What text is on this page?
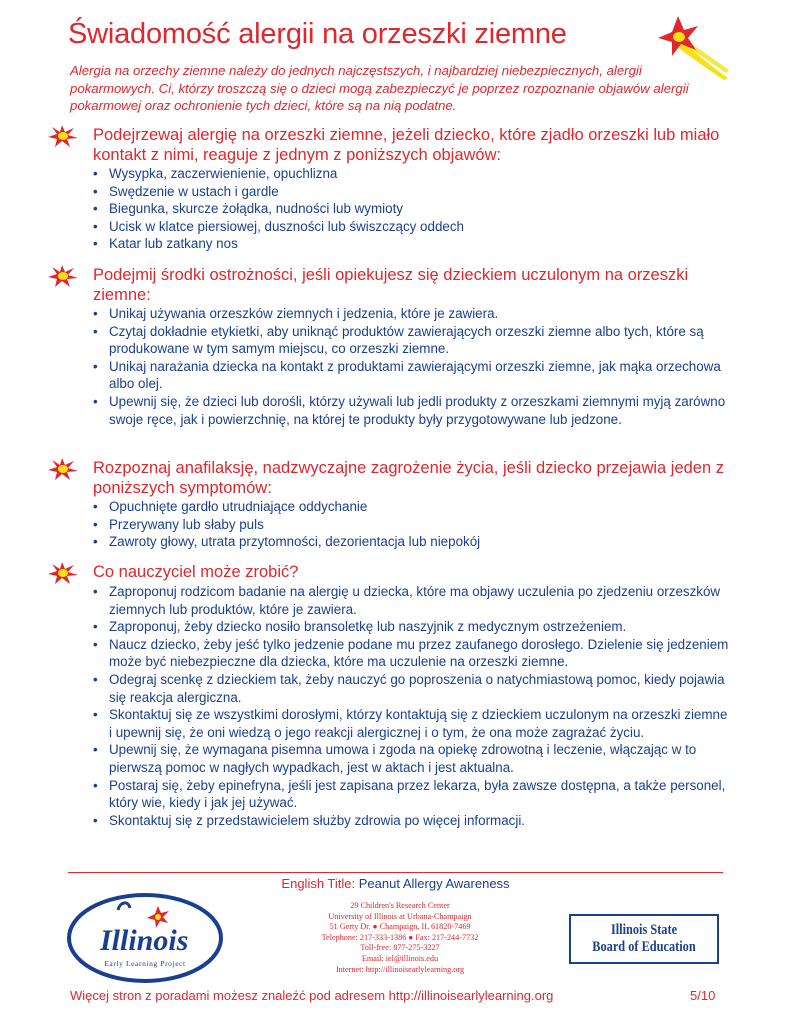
Świadomość alergii na orzeszki ziemne

Alergia na orzechy ziemne należy do jednych najczęstszych, i najbardziej niebezpiecznych, alergii pokarmowych. Ci, którzy troszczą się o dzieci mogą zabezpieczyć je poprzez rozpoznanie objawów alergii pokarmowej oraz ochronienie tych dzieci, które są na nią podatne.

Podejrzewaj alergię na orzeszki ziemne, jeżeli dziecko, które zjadło orzeszki lub miało kontakt z nimi, reaguje z jednym z poniższych objawów:
• Wysypka, zaczerwienienie, opuchlizna
• Swędzenie w ustach i gardle
• Biegunka, skurcze żołądka, nudności lub wymioty
• Ucisk w klatce piersiowej, duszności lub świszczący oddech
• Katar lub zatkany nos
Podejmij środki ostrożności, jeśli opiekujesz się dzieckiem uczulonym na orzeszki ziemne:
• Unikaj używania orzeszków ziemnych i jedzenia, które je zawiera.
• Czytaj dokładnie etykietki, aby uniknąć produktów zawierających orzeszki ziemne albo tych, które są produkowane w tym samym miejscu, co orzeszki ziemne.
• Unikaj narażania dziecka na kontakt z produktami zawierającymi orzeszki ziemne, jak mąka orzechowa albo olej.
• Upewnij się, że dzieci lub dorośli, którzy używali lub jedli produkty z orzeszkami ziemnymi myją zarówno swoje ręce, jak i powierzchnię, na której te produkty były przygotowywane lub jedzone.
Rozpoznaj anafilaksję, nadzwyczajne zagrożenie życia, jeśli dziecko przejawia jeden z poniższych symptomów:
• Opuchnięte gardło utrudniające oddychanie
• Przerywany lub słaby puls
• Zawroty głowy, utrata przytomności, dezorientacja lub niepokój
Co nauczyciel może zrobić?
• Zaproponuj rodzicom badanie na alergię u dziecka, które ma objawy uczulenia po zjedzeniu orzeszków ziemnych lub produktów, które je zawiera.
• Zaproponuj, żeby dziecko nosiło bransoletkę lub naszyjnik z medycznym ostrzeżeniem.
• Naucz dziecko, żeby jeść tylko jedzenie podane mu przez zaufanego dorosłego. Dzielenie się jedzeniem może być niebezpieczne dla dziecka, które ma uczulenie na orzeszki ziemne.
• Odegraj scenkę z dzieckiem tak, żeby nauczyć go poproszenia o natychmiastową pomoc, kiedy pojawia się reakcja alergiczna.
• Skontaktuj się ze wszystkimi dorosłymi, którzy kontaktują się z dzieckiem uczulonym na orzeszki ziemne i upewnij się, że oni wiedzą o jego reakcji alergicznej i o tym, że ona może zagrażać życiu.
• Upewnij się, że wymagana pisemna umowa i zgoda na opiekę zdrowotną i leczenie, włączając w to pierwszą pomoc w nagłych wypadkach, jest w aktach i jest aktualna.
• Postaraj się, żeby epinefryna, jeśli jest zapisana przez lekarza, była zawsze dostępna, a także personel, który wie, kiedy i jak jej używać.
• Skontaktuj się z przedstawicielem służby zdrowia po więcej informacji.
English Title: Peanut Allergy Awareness
Illinois
Early Learning Project
29 Children's Research Center
University of Illinois at Urbana-Champaign
51 Gerty Dr. ● Champaign, IL 61820-7469
Telephone: 217-333-1386 ● Fax: 217-244-7732
Toll-free: 877-275-3227
Email: iel@illinois.edu
Internet: http://illinoisearlylearning.org
Illinois State
Board of Education
Więcej stron z poradami możesz znaleźć pod adresem http://illinoisearlylearning.org	5/10
